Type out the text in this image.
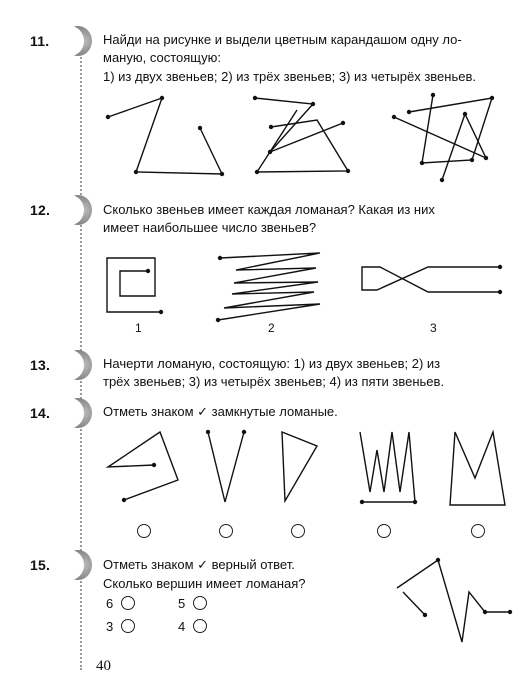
11.	Найди на рисунке и выдели цветным карандашом одну ло-
маную, состоящую:
1) из двух звеньев; 2) из трёх звеньев; 3) из четырёх звеньев.
12.	Сколько звеньев имеет каждая ломаная? Какая из них
имеет наибольшее число звеньев?
1	2	3
13.	Начерти ломаную, состоящую: 1) из двух звеньев; 2) из
трёх звеньев; 3) из четырёх звеньев; 4) из пяти звеньев.
14.	Отметь знаком ✓ замкнутые ломаные.
15.	Отметь знаком ✓ верный ответ.
Сколько вершин имеет ломаная?
6	5
3	4
40
